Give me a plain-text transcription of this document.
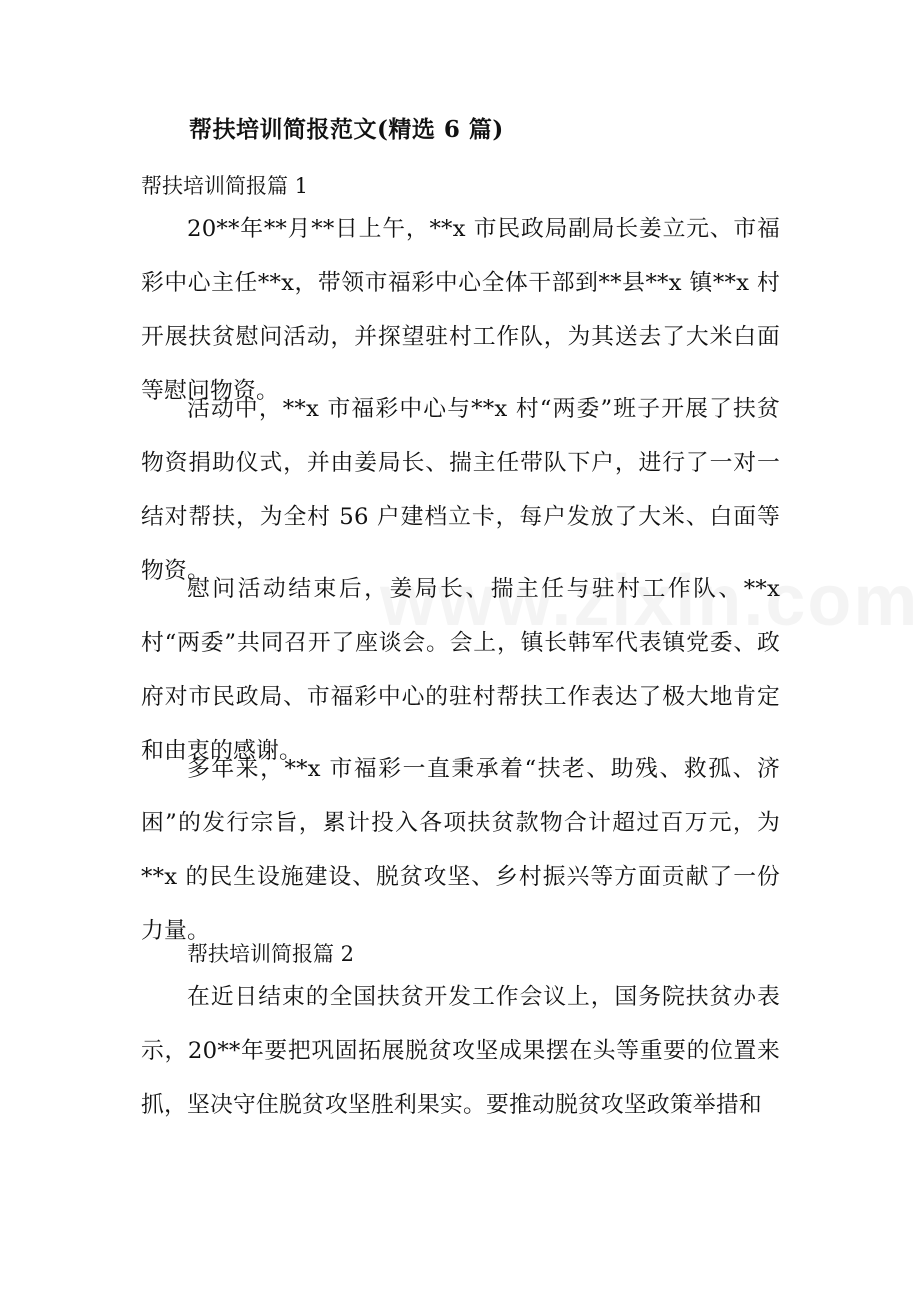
帮扶培训简报范文(精选 6 篇)
帮扶培训简报篇 1

20**年**月**日上午，**x 市民政局副局长姜立元、市福彩中心主任**x，带领市福彩中心全体干部到**县**x 镇**x 村开展扶贫慰问活动，并探望驻村工作队，为其送去了大米白面等慰问物资。

活动中，**x 市福彩中心与**x 村“两委”班子开展了扶贫物资捐助仪式，并由姜局长、揣主任带队下户，进行了一对一结对帮扶，为全村 56 户建档立卡，每户发放了大米、白面等物资。

慰问活动结束后，姜局长、揣主任与驻村工作队、**x 村“两委”共同召开了座谈会。会上，镇长韩军代表镇党委、政府对市民政局、市福彩中心的驻村帮扶工作表达了极大地肯定和由衷的感谢。

多年来，**x 市福彩一直秉承着“扶老、助残、救孤、济困”的发行宗旨，累计投入各项扶贫款物合计超过百万元，为**x 的民生设施建设、脱贫攻坚、乡村振兴等方面贡献了一份力量。

帮扶培训简报篇 2

在近日结束的全国扶贫开发工作会议上，国务院扶贫办表示，20**年要把巩固拓展脱贫攻坚成果摆在头等重要的位置来抓，坚决守住脱贫攻坚胜利果实。要推动脱贫攻坚政策举措和
